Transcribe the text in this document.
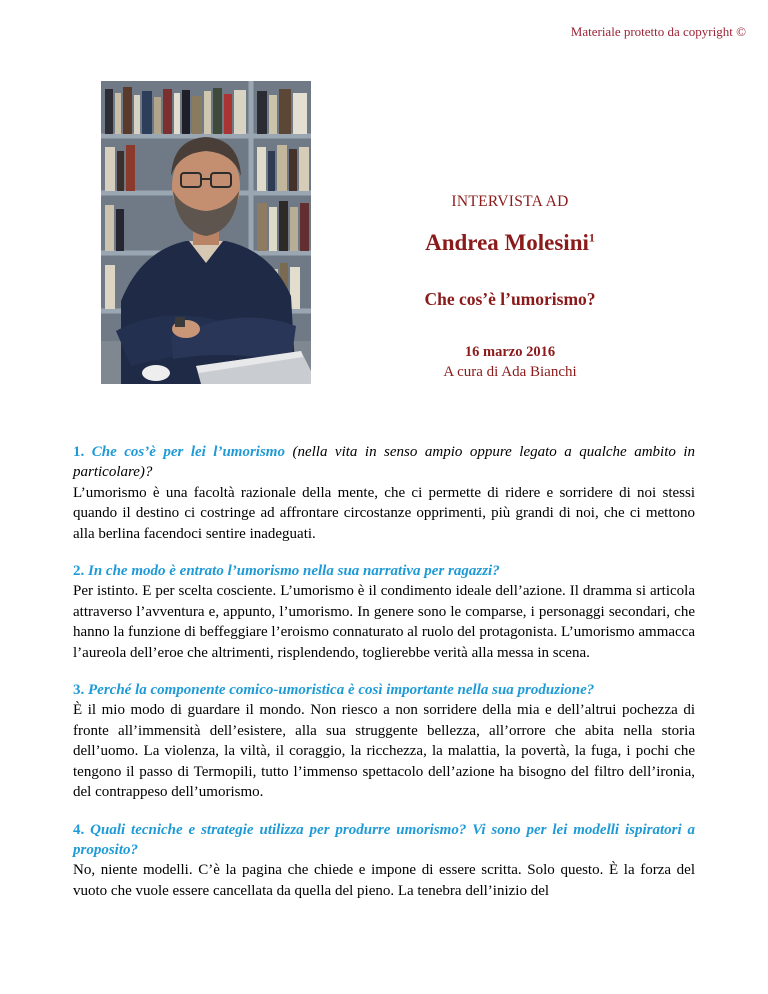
Materiale protetto da copyright ©
INTERVISTA AD
Andrea Molesini$^1$
Che cos’è l’umorismo?
16 marzo 2016
A cura di Ada Bianchi
1. Che cos’è per lei l’umorismo (nella vita in senso ampio oppure legato a qualche ambito in particolare)?
L’umorismo è una facoltà razionale della mente, che ci permette di ridere e sorridere di noi stessi quando il destino ci costringe ad affrontare circostanze opprimenti, più grandi di noi, che ci mettono alla berlina facendoci sentire inadeguati.
2. In che modo è entrato l’umorismo nella sua narrativa per ragazzi?
Per istinto. E per scelta cosciente. L’umorismo è il condimento ideale dell’azione. Il dramma si articola attraverso l’avventura e, appunto, l’umorismo. In genere sono le comparse, i personaggi secondari, che hanno la funzione di beffeggiare l’eroismo connaturato al ruolo del protagonista. L’umorismo ammacca l’aureola dell’eroe che altrimenti, risplendendo, toglierebbe verità alla messa in scena.
3. Perché la componente comico-umoristica è così importante nella sua produzione?
È il mio modo di guardare il mondo. Non riesco a non sorridere della mia e dell’altrui pochezza di fronte all’immensità dell’esistere, alla sua struggente bellezza, all’orrore che abita nella storia dell’uomo. La violenza, la viltà, il coraggio, la ricchezza, la malattia, la povertà, la fuga, i pochi che tengono il passo di Termopili, tutto l’immenso spettacolo dell’azione ha bisogno del filtro dell’ironia, del contrappeso dell’umorismo.
4. Quali tecniche e strategie utilizza per produrre umorismo? Vi sono per lei modelli ispiratori a proposito?
No, niente modelli. C’è la pagina che chiede e impone di essere scritta. Solo questo. È la forza del vuoto che vuole essere cancellata da quella del pieno. La tenebra dell’inizio del
